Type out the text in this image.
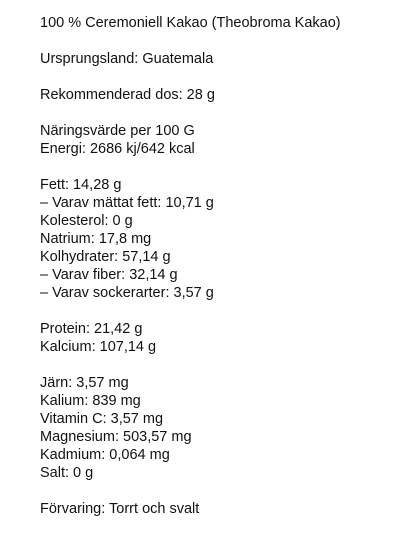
100 % Ceremoniell Kakao (Theobroma Kakao)
Ursprungsland: Guatemala
Rekommenderad dos: 28 g
Näringsvärde per 100 G
Energi: 2686 kj/642 kcal
Fett: 14,28 g
– Varav mättat fett: 10,71 g
Kolesterol: 0 g
Natrium: 17,8 mg
Kolhydrater: 57,14 g
– Varav fiber: 32,14 g
– Varav sockerarter: 3,57 g
Protein: 21,42 g
Kalcium: 107,14 g
Järn: 3,57 mg
Kalium: 839 mg
Vitamin C: 3,57 mg
Magnesium: 503,57 mg
Kadmium: 0,064 mg
Salt: 0 g
Förvaring: Torrt och svalt
